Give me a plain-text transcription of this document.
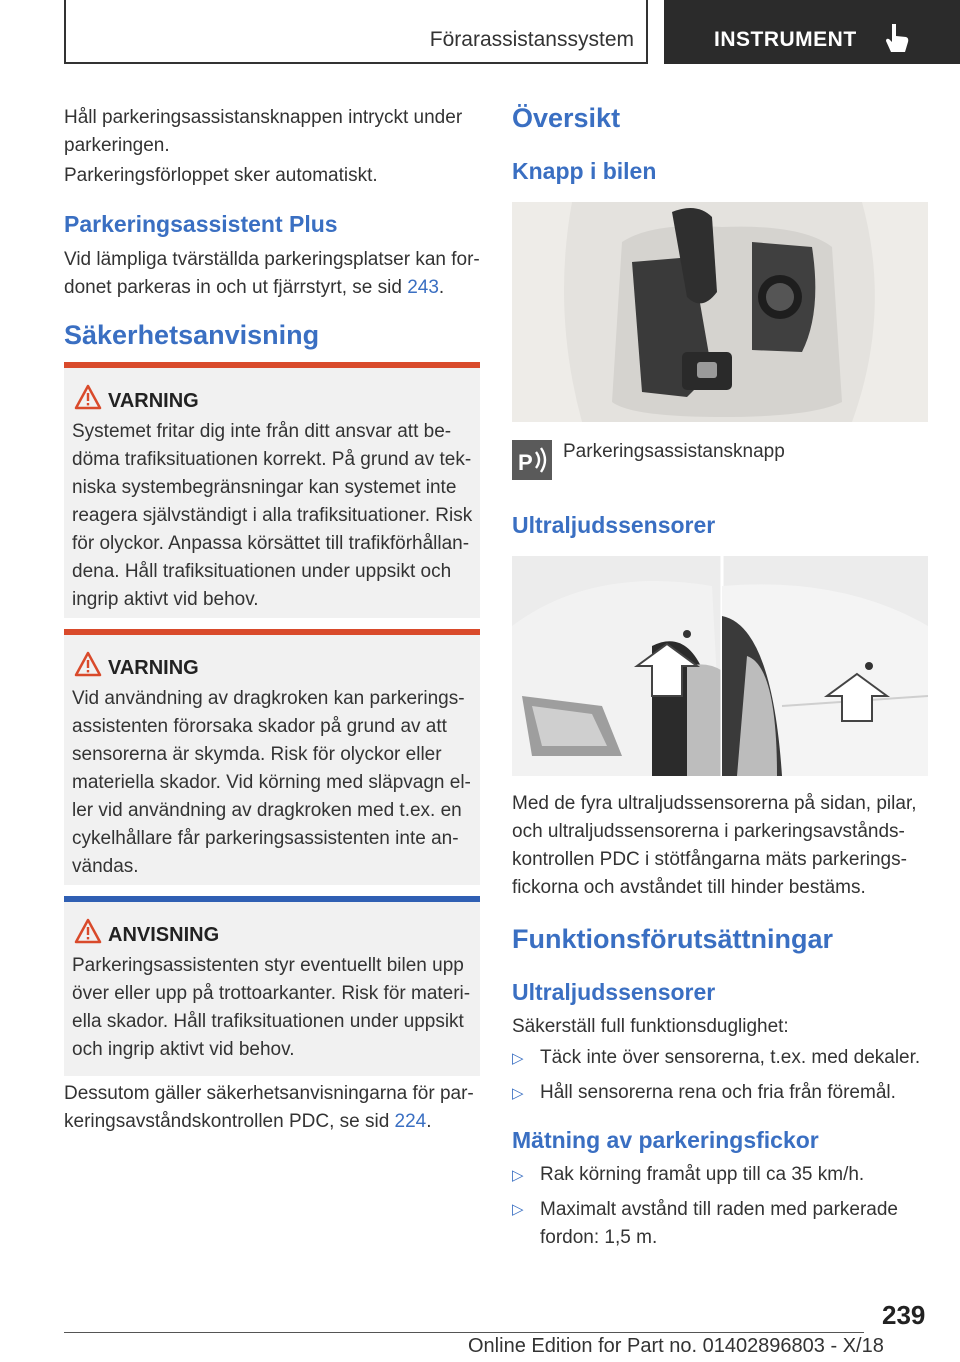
Förarassistanssystem	INSTRUMENT
Håll parkeringsassistansknappen intryckt under parkeringen.
Parkeringsförloppet sker automatiskt.
Parkeringsassistent Plus
Vid lämpliga tvärställda parkeringsplatser kan for-donet parkeras in och ut fjärrstyrt, se sid 243.
Säkerhetsanvisning
VARNING
Systemet fritar dig inte från ditt ansvar att be-döma trafiksituationen korrekt. På grund av tek-niska systembegränsningar kan systemet inte reagera självständigt i alla trafiksituationer. Risk för olyckor. Anpassa körsättet till trafikförhållan-dena. Håll trafiksituationen under uppsikt och ingrip aktivt vid behov.
VARNING
Vid användning av dragkroken kan parkerings-assistenten förorsaka skador på grund av att sensorerna är skymda. Risk för olyckor eller materiella skador. Vid körning med släpvagn el-ler vid användning av dragkroken med t.ex. en cykelhållare får parkeringsassistenten inte an-vändas.
ANVISNING
Parkeringsassistenten styr eventuellt bilen upp över eller upp på trottoarkanter. Risk för materi-ella skador. Håll trafiksituationen under uppsikt och ingrip aktivt vid behov.
Dessutom gäller säkerhetsanvisningarna för par-keringsavståndskontrollen PDC, se sid 224.
Översikt
Knapp i bilen
P Parkeringsassistansknapp
Ultraljudssensorer
Med de fyra ultraljudssensorerna på sidan, pilar, och ultraljudssensorerna i parkeringsavstånds-kontrollen PDC i stötfångarna mäts parkerings-fickorna och avståndet till hinder bestäms.
Funktionsförutsättningar
Ultraljudssensorer
Säkerställ full funktionsduglighet:
▷ Täck inte över sensorerna, t.ex. med dekaler.
▷ Håll sensorerna rena och fria från föremål.
Mätning av parkeringsfickor
▷ Rak körning framåt upp till ca 35 km/h.
▷ Maximalt avstånd till raden med parkerade fordon: 1,5 m.
239
Online Edition for Part no. 01402896803 - X/18
